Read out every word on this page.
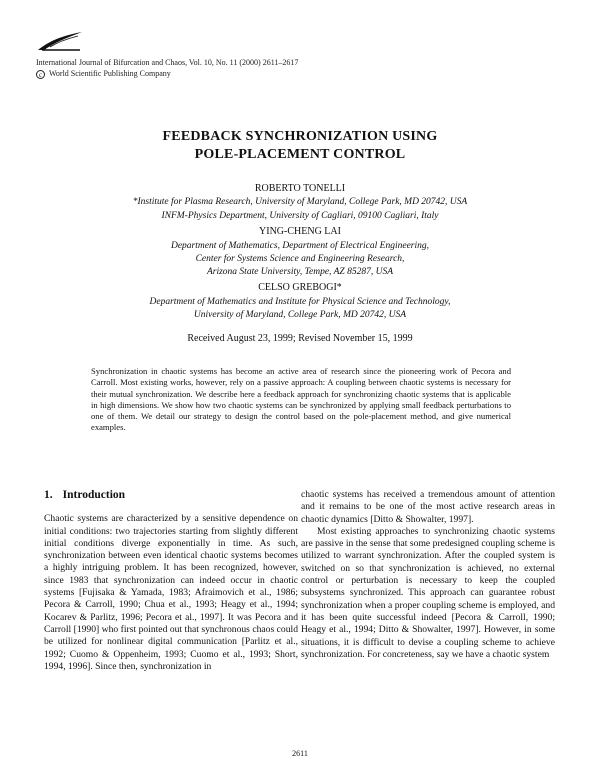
International Journal of Bifurcation and Chaos, Vol. 10, No. 11 (2000) 2611–2617
c World Scientific Publishing Company
FEEDBACK SYNCHRONIZATION USING
POLE-PLACEMENT CONTROL
ROBERTO TONELLI
*Institute for Plasma Research, University of Maryland, College Park, MD 20742, USA
INFM-Physics Department, University of Cagliari, 09100 Cagliari, Italy
YING-CHENG LAI
Department of Mathematics, Department of Electrical Engineering,
Center for Systems Science and Engineering Research,
Arizona State University, Tempe, AZ 85287, USA
CELSO GREBOGI*
Department of Mathematics and Institute for Physical Science and Technology,
University of Maryland, College Park, MD 20742, USA
Received August 23, 1999; Revised November 15, 1999
Synchronization in chaotic systems has become an active area of research since the pioneering work of Pecora and Carroll. Most existing works, however, rely on a passive approach: A coupling between chaotic systems is necessary for their mutual synchronization. We describe here a feedback approach for synchronizing chaotic systems that is applicable in high dimensions. We show how two chaotic systems can be synchronized by applying small feedback perturbations to one of them. We detail our strategy to design the control based on the pole-placement method, and give numerical examples.
1. Introduction

Chaotic systems are characterized by a sensitive dependence on initial conditions: two trajectories starting from slightly different initial conditions diverge exponentially in time. As such, synchronization between even identical chaotic systems becomes a highly intriguing problem. It has been recognized, however, since 1983 that synchronization can indeed occur in chaotic systems [Fujisaka & Yamada, 1983; Afraimovich et al., 1986; Pecora & Carroll, 1990; Chua et al., 1993; Heagy et al., 1994; Kocarev & Parlitz, 1996; Pecora et al., 1997]. It was Pecora and Carroll [1990] who first pointed out that synchronous chaos could be utilized for nonlinear digital communication [Parlitz et al., 1992; Cuomo & Oppenheim, 1993; Cuomo et al., 1993; Short, 1994, 1996]. Since then, synchronization in

chaotic systems has received a tremendous amount of attention and it remains to be one of the most active research areas in chaotic dynamics [Ditto & Showalter, 1997].

Most existing approaches to synchronizing chaotic systems are passive in the sense that some predesigned coupling scheme is utilized to warrant synchronization. After the coupled system is switched on so that synchronization is achieved, no external control or perturbation is necessary to keep the coupled subsystems synchronized. This approach can guarantee robust synchronization when a proper coupling scheme is employed, and it has been quite successful indeed [Pecora & Carroll, 1990; Heagy et al., 1994; Ditto & Showalter, 1997]. However, in some situations, it is difficult to devise a coupling scheme to achieve synchronization. For concreteness, say we have a chaotic system

2611
